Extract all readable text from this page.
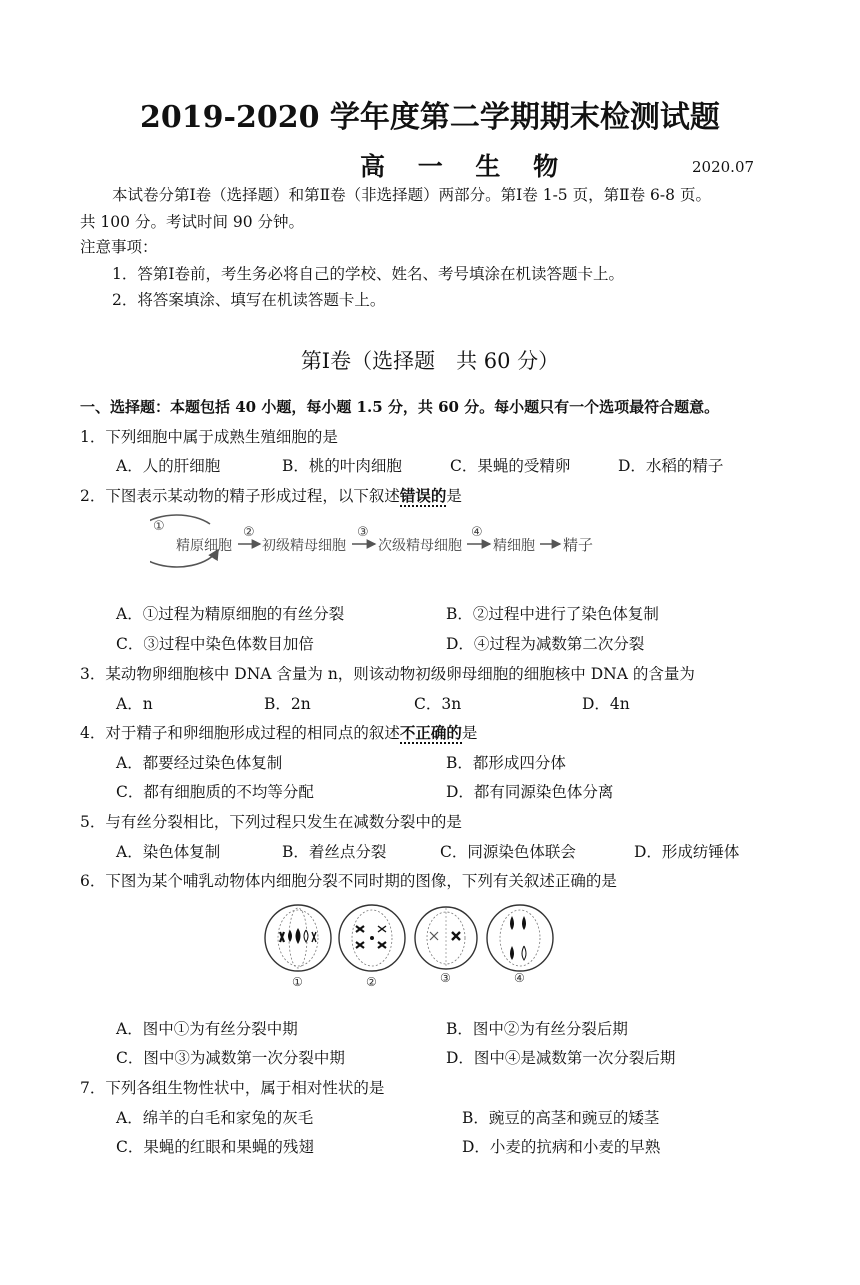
2019-2020 学年度第二学期期末检测试题
高 一 生 物	2020.07
本试卷分第Ⅰ卷（选择题）和第Ⅱ卷（非选择题）两部分。第Ⅰ卷 1-5 页，第Ⅱ卷 6-8 页。
共 100 分。考试时间 90 分钟。
注意事项：
1．答第Ⅰ卷前，考生务必将自己的学校、姓名、考号填涂在机读答题卡上。
2．将答案填涂、填写在机读答题卡上。
第Ⅰ卷（选择题　共 60 分）
一、选择题：本题包括 40 小题，每小题 1.5 分，共 60 分。每小题只有一个选项最符合题意。
1．下列细胞中属于成熟生殖细胞的是
A．人的肝细胞	B．桃的叶肉细胞	C．果蝇的受精卵	D．水稻的精子
2．下图表示某动物的精子形成过程，以下叙述错误的是
①
精原细胞
②
初级精母细胞
③
次级精母细胞
④
精细胞 精子
A．①过程为精原细胞的有丝分裂	B．②过程中进行了染色体复制
C．③过程中染色体数目加倍	D．④过程为减数第二次分裂
3．某动物卵细胞核中 DNA 含量为 n，则该动物初级卵母细胞的细胞核中 DNA 的含量为
A．n	B．2n	C．3n	D．4n
4．对于精子和卵细胞形成过程的相同点的叙述不正确的是
A．都要经过染色体复制	B．都形成四分体
C．都有细胞质的不均等分配	D．都有同源染色体分离
5．与有丝分裂相比，下列过程只发生在减数分裂中的是
A．染色体复制	B．着丝点分裂	C．同源染色体联会	D．形成纺锤体
6．下图为某个哺乳动物体内细胞分裂不同时期的图像，下列有关叙述正确的是
①	②	③	④
A．图中①为有丝分裂中期	B．图中②为有丝分裂后期
C．图中③为减数第一次分裂中期	D．图中④是减数第一次分裂后期
7．下列各组生物性状中，属于相对性状的是
A．绵羊的白毛和家兔的灰毛	B．豌豆的高茎和豌豆的矮茎
C．果蝇的红眼和果蝇的残翅	D．小麦的抗病和小麦的早熟
